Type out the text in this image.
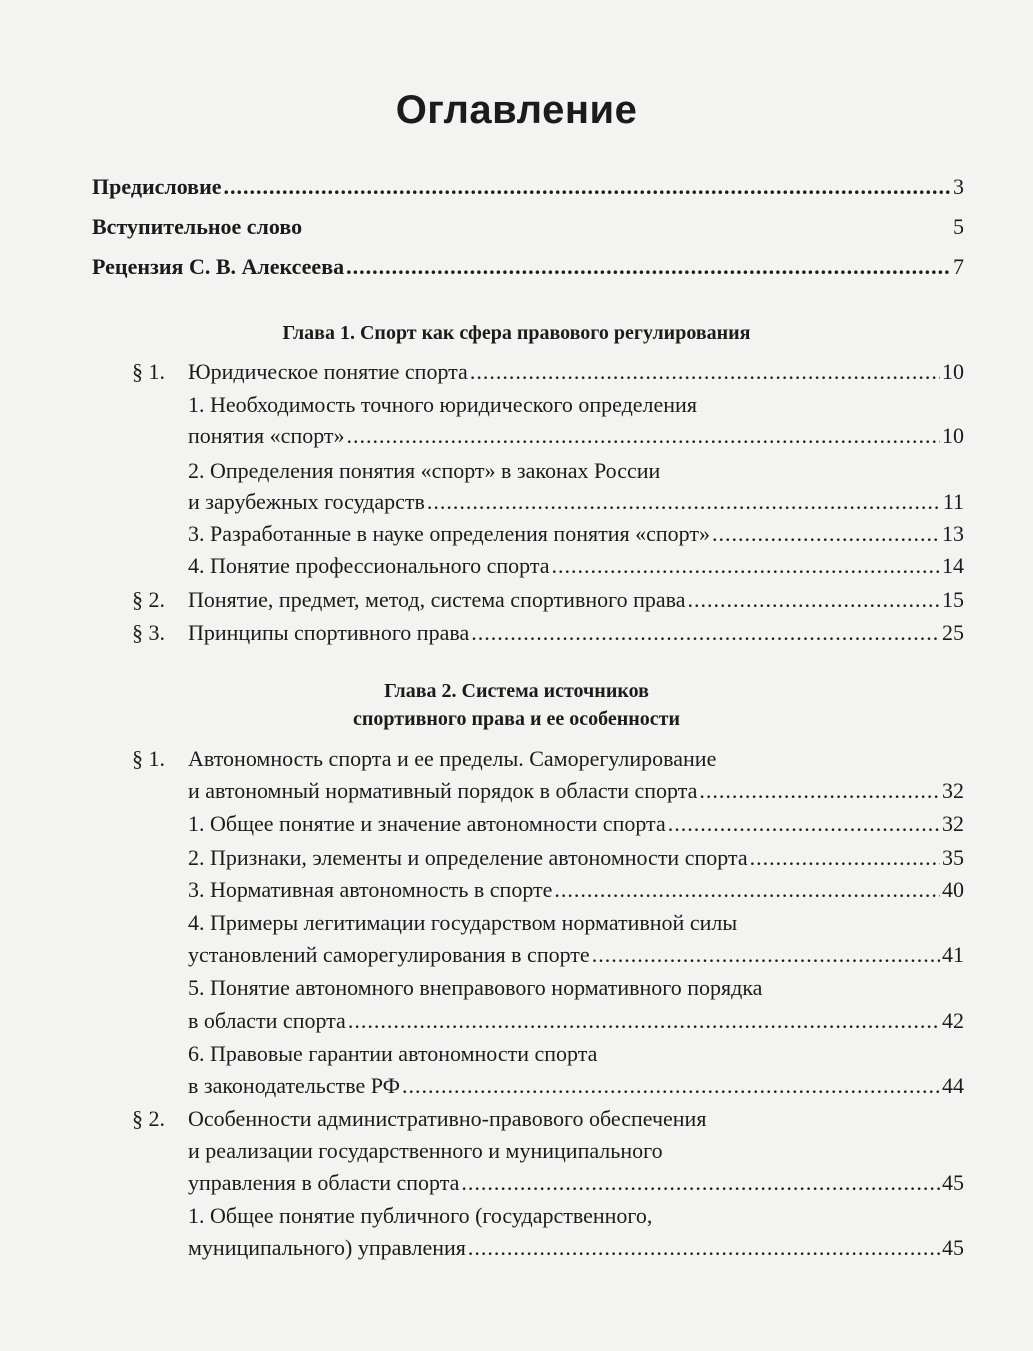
Оглавление
Предисловие .....	3
Вступительное слово	5
Рецензия С. В. Алексеева .....	7
Глава 1. Спорт как сфера правового регулирования
§ 1. Юридическое понятие спорта .....	10
1. Необходимость точного юридического определения
понятия «спорт» .....	10
2. Определения понятия «спорт» в законах России
и зарубежных государств .....	11
3. Разработанные в науке определения понятия «спорт» .....	13
4. Понятие профессионального спорта .....	14
§ 2. Понятие, предмет, метод, система спортивного права .....	15
§ 3. Принципы спортивного права .....	25
Глава 2. Система источников
спортивного права и ее особенности
§ 1. Автономность спорта и ее пределы. Саморегулирование
и автономный нормативный порядок в области спорта .....	32
1. Общее понятие и значение автономности спорта .....	32
2. Признаки, элементы и определение автономности спорта .....	35
3. Нормативная автономность в спорте .....	40
4. Примеры легитимации государством нормативной силы
установлений саморегулирования в спорте .....	41
5. Понятие автономного внеправового нормативного порядка
в области спорта .....	42
6. Правовые гарантии автономности спорта
в законодательстве РФ .....	44
§ 2. Особенности административно-правового обеспечения
и реализации государственного и муниципального
управления в области спорта .....	45
1. Общее понятие публичного (государственного,
муниципального) управления .....	45
